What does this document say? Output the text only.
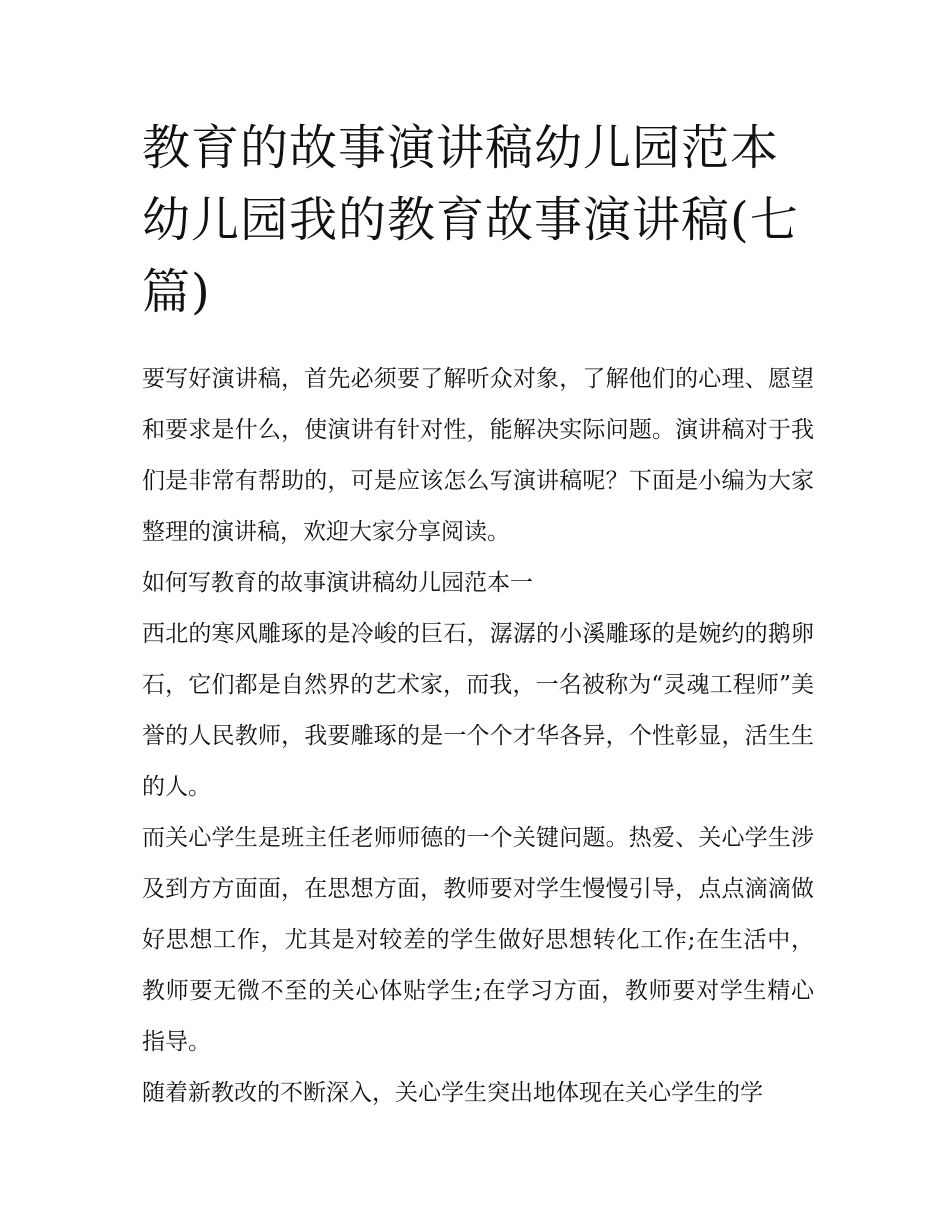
教育的故事演讲稿幼儿园范本幼儿园我的教育故事演讲稿(七篇)

要写好演讲稿，首先必须要了解听众对象，了解他们的心理、愿望和要求是什么，使演讲有针对性，能解决实际问题。演讲稿对于我们是非常有帮助的，可是应该怎么写演讲稿呢？下面是小编为大家整理的演讲稿，欢迎大家分享阅读。

如何写教育的故事演讲稿幼儿园范本一

西北的寒风雕琢的是冷峻的巨石，潺潺的小溪雕琢的是婉约的鹅卵石，它们都是自然界的艺术家，而我，一名被称为“灵魂工程师”美誉的人民教师，我要雕琢的是一个个才华各异，个性彰显，活生生的人。

而关心学生是班主任老师师德的一个关键问题。热爱、关心学生涉及到方方面面，在思想方面，教师要对学生慢慢引导，点点滴滴做好思想工作，尤其是对较差的学生做好思想转化工作;在生活中，教师要无微不至的关心体贴学生;在学习方面，教师要对学生精心指导。

随着新教改的不断深入，关心学生突出地体现在关心学生的学
